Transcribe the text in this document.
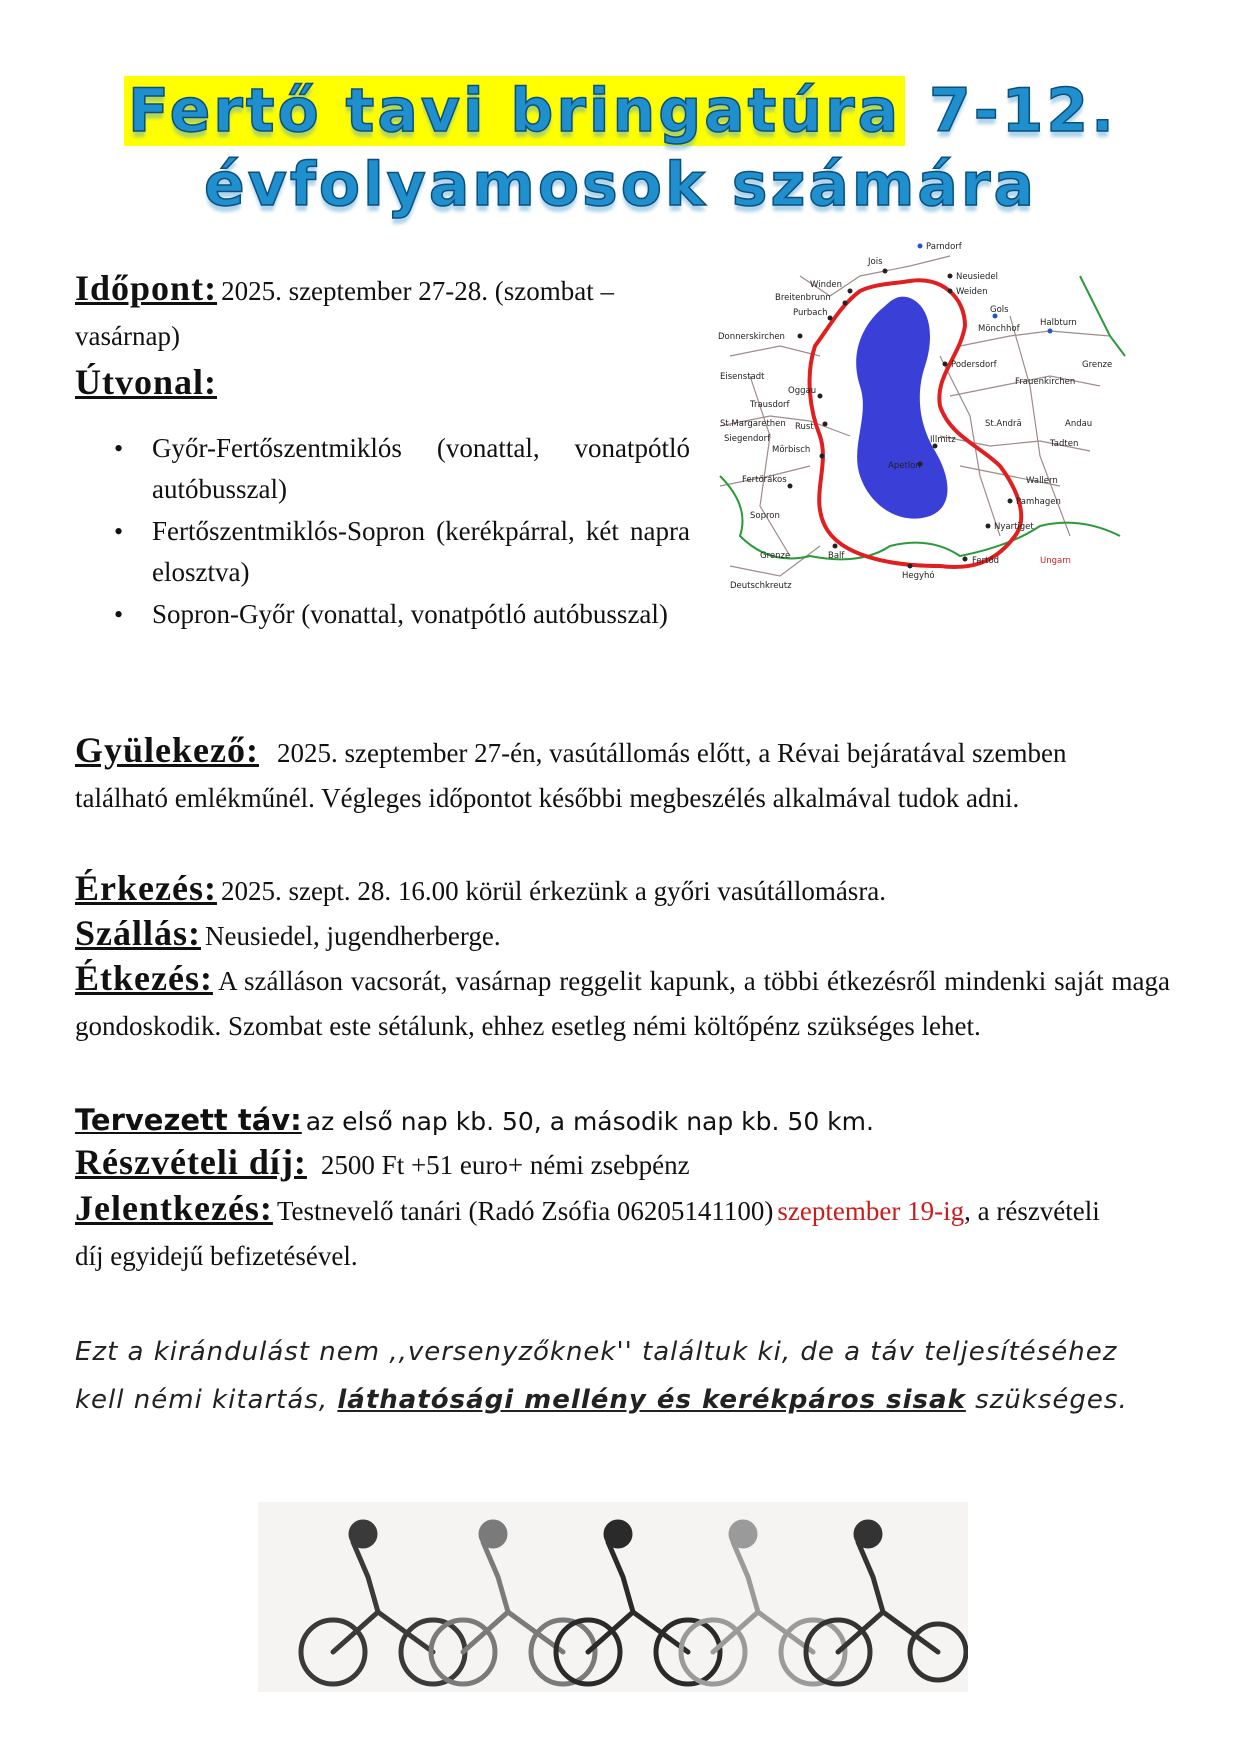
Fertő tavi bringatúra 7-12.
évfolyamosok számára
Időpont: 2025. szeptember 27-28. (szombat –vasárnap)
Útvonal:
• Győr-Fertőszentmiklós (vonattal, vonatpótló autóbusszal)
• Fertőszentmiklós-Sopron (kerékpárral, két napra elosztva)
• Sopron-Győr (vonattal, vonatpótló autóbusszal)
Parndorf
Jois
Neusiedel
Winden
Breitenbrunn
Weiden
Purbach	Gols
Donnerskirchen
Halbturn
Mönchhof
Eisenstadt
Podersdorf	Grenze
Oggau
Frauenkirchen
Trausdorf
St.Margarethen Rust	St.Andrä	Andau
Siegendorf
Mörbisch
Illmitz	Tadten
Apetlon
Fertőrákos	Wallern
Pamhagen
Sopron
Nyartiget
Balf
Grenze
Hegyhó
Fertőd	Ungarn
Deutschkreutz
Gyülekező: 2025. szeptember 27-én, vasútállomás előtt, a Révai bejáratával szemben található emlékműnél. Végleges időpontot későbbi megbeszélés alkalmával tudok adni.
Érkezés: 2025. szept. 28. 16.00 körül érkezünk a győri vasútállomásra.
Szállás: Neusiedel, jugendherberge.
Étkezés: A szálláson vacsorát, vasárnap reggelit kapunk, a többi étkezésről mindenki saját maga gondoskodik. Szombat este sétálunk, ehhez esetleg némi költőpénz szükséges lehet.
Tervezett táv: az első nap kb. 50, a második nap kb. 50 km.
Részvételi díj: 2500 Ft +51 euro+ némi zsebpénz
Jelentkezés: Testnevelő tanári (Radó Zsófia 06205141100) szeptember 19-ig, a részvételi díj egyidejű befizetésével.
Ezt a kirándulást nem ,,versenyzőknek'' találtuk ki, de a táv teljesítéséhez kell némi kitartás, láthatósági mellény és kerékpáros sisak szükséges.
